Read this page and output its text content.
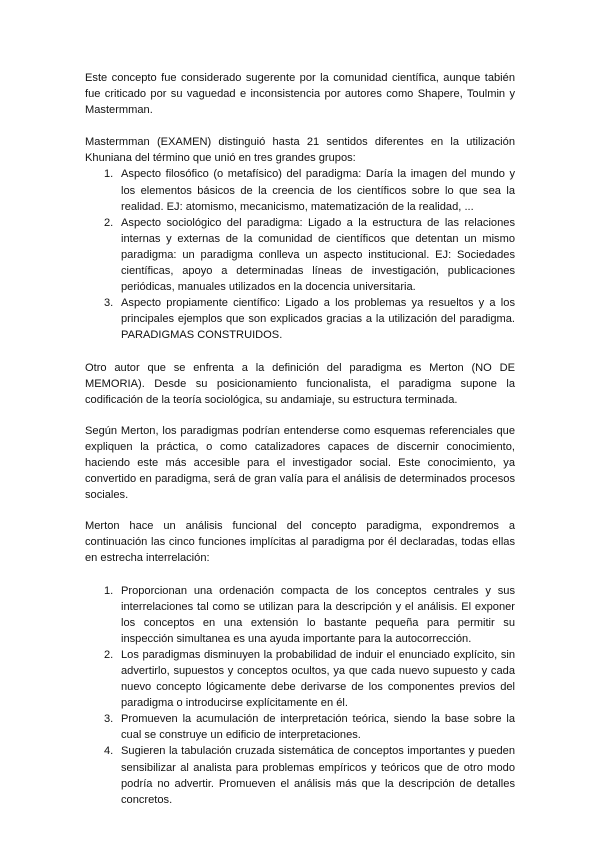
Este concepto fue considerado sugerente por la comunidad científica, aunque tabién fue criticado por su vaguedad e inconsistencia por autores como Shapere, Toulmin y Mastermman.

Mastermman (EXAMEN) distinguió hasta 21 sentidos diferentes en la utilización Khuniana del término que unió en tres grandes grupos:

1. Aspecto filosófico (o metafísico) del paradigma: Daría la imagen del mundo y los elementos básicos de la creencia de los científicos sobre lo que sea la realidad. EJ: atomismo, mecanicismo, matematización de la realidad, ...
2. Aspecto sociológico del paradigma: Ligado a la estructura de las relaciones internas y externas de la comunidad de científicos que detentan un mismo paradigma: un paradigma conlleva un aspecto institucional. EJ: Sociedades científicas, apoyo a determinadas líneas de investigación, publicaciones periódicas, manuales utilizados en la docencia universitaria.
3. Aspecto propiamente científico: Ligado a los problemas ya resueltos y a los principales ejemplos que son explicados gracias a la utilización del paradigma. PARADIGMAS CONSTRUIDOS.

Otro autor que se enfrenta a la definición del paradigma es Merton (NO DE MEMORIA). Desde su posicionamiento funcionalista, el paradigma supone la codificación de la teoría sociológica, su andamiaje, su estructura terminada.

Según Merton, los paradigmas podrían entenderse como esquemas referenciales que expliquen la práctica, o como catalizadores capaces de discernir conocimiento, haciendo este más accesible para el investigador social. Este conocimiento, ya convertido en paradigma, será de gran valía para el análisis de determinados procesos sociales.

Merton hace un análisis funcional del concepto paradigma, expondremos a continuación las cinco funciones implícitas al paradigma por él declaradas, todas ellas en estrecha interrelación:

1. Proporcionan una ordenación compacta de los conceptos centrales y sus interrelaciones tal como se utilizan para la descripción y el análisis. El exponer los conceptos en una extensión lo bastante pequeña para permitir su inspección simultanea es una ayuda importante para la autocorrección.
2. Los paradigmas disminuyen la probabilidad de induir el enunciado explícito, sin advertirlo, supuestos y conceptos ocultos, ya que cada nuevo supuesto y cada nuevo concepto lógicamente debe derivarse de los componentes previos del paradigma o introducirse explícitamente en él.
3. Promueven la acumulación de interpretación teórica, siendo la base sobre la cual se construye un edificio de interpretaciones.
4. Sugieren la tabulación cruzada sistemática de conceptos importantes y pueden sensibilizar al analista para problemas empíricos y teóricos que de otro modo podría no advertir. Promueven el análisis más que la descripción de detalles concretos.
